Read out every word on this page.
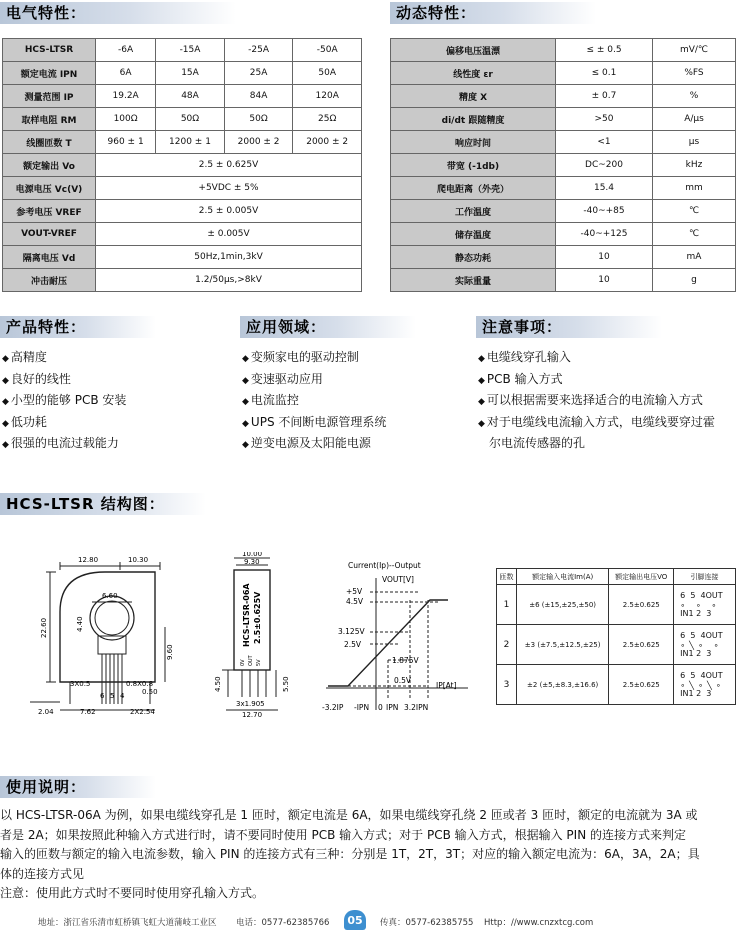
电气特性：	动态特性：
HCS-LTSR	-6A	-15A	-25A	-50A
额定电流 IPN	6A	15A	25A	50A
测量范围 IP	19.2A	48A	84A	120A
取样电阻 RM	100Ω	50Ω	50Ω	25Ω
线圈匝数 T	960 ± 1	1200 ± 1	2000 ± 2	2000 ± 2
额定输出 Vo	2.5 ± 0.625V			
电源电压 Vc(V)	+5VDC ± 5%			
参考电压 VREF	2.5 ± 0.005V			
VOUT-VREF	± 0.005V			
隔离电压 Vd	50Hz,1min,3kV			
冲击耐压	1.2/50μs,>8kV			
偏移电压温漂	≤ ± 0.5	mV/℃
线性度 εr	≤ 0.1	%FS
精度 X	± 0.7	%
di/dt 跟随精度	>50	A/μs
响应时间	<1	μs
带宽 (-1db)	DC~200	kHz
爬电距离（外壳）	15.4	mm
工作温度	-40~+85	℃
储存温度	-40~+125	℃
静态功耗	10	mA
实际重量	10	g
产品特性：	应用领域：	注意事项：
◆ 高精度
◆ 良好的线性
◆ 小型的能够 PCB 安装
◆ 低功耗
◆ 很强的电流过载能力
◆ 变频家电的驱动控制
◆ 变速驱动应用
◆ 电流监控
◆ UPS 不间断电源管理系统
◆ 逆变电源及太阳能电源
◆ 电缆线穿孔输入
◆ PCB 输入方式
◆ 可以根据需要来选择适合的电流输入方式
◆ 对于电缆线电流输入方式，电缆线要穿过霍
尔电流传感器的孔
HCS-LTSR 结构图：
12.80	10.30
6.60
4.40
22.60
9.60
3X0.5
6 5 4
0.8X0.8
0.50
2.04	7.62	2X2.54
10.00
9.30
HCS-LTSR-06A 2.5±0.625V
0V OUT 5V
4.50	5.50
3x1.905
12.70
Current(Ip)--Output
VOUT[V]
+5V
4.5V
3.125V
2.5V
1.875V
0.5V
IP[At]
-3.2IP -IPN 0 IPN 3.2IPN
匝数	额定输入电流Im(A)	额定输出电压VO	引脚连接
1	±6 (±15,±25,±50)	2.5±0.625	6  5  4OUT
∘ ∘ ∘
IN1 2  3

2	±3 (±7.5,±12.5,±25)	2.5±0.625	6  5  4OUT
∘╲∘ ∘
IN1 2  3

3	±2 (±5,±8.3,±16.6)	2.5±0.625	6  5  4OUT
∘╲∘╲∘
IN1 2  3
使用说明：
以 HCS-LTSR-06A 为例，如果电缆线穿孔是 1 匝时，额定电流是 6A，如果电缆线穿孔绕 2 匝或者 3 匝时，额定的电流就为 3A 或
者是 2A；如果按照此种输入方式进行时，请不要同时使用 PCB 输入方式；对于 PCB 输入方式，根据输入 PIN 的连接方式来判定
输入的匝数与额定的输入电流参数，输入 PIN 的连接方式有三种：分别是 1T，2T，3T；对应的输入额定电流为：6A，3A，2A；具
体的连接方式见
注意：使用此方式时不要同时使用穿孔输入方式。
地址：浙江省乐清市虹桥镇飞虹大道蒲岐工业区 电话：0577-62385766	05	传真：0577-62385755 Http：//www.cnzxtcg.com
